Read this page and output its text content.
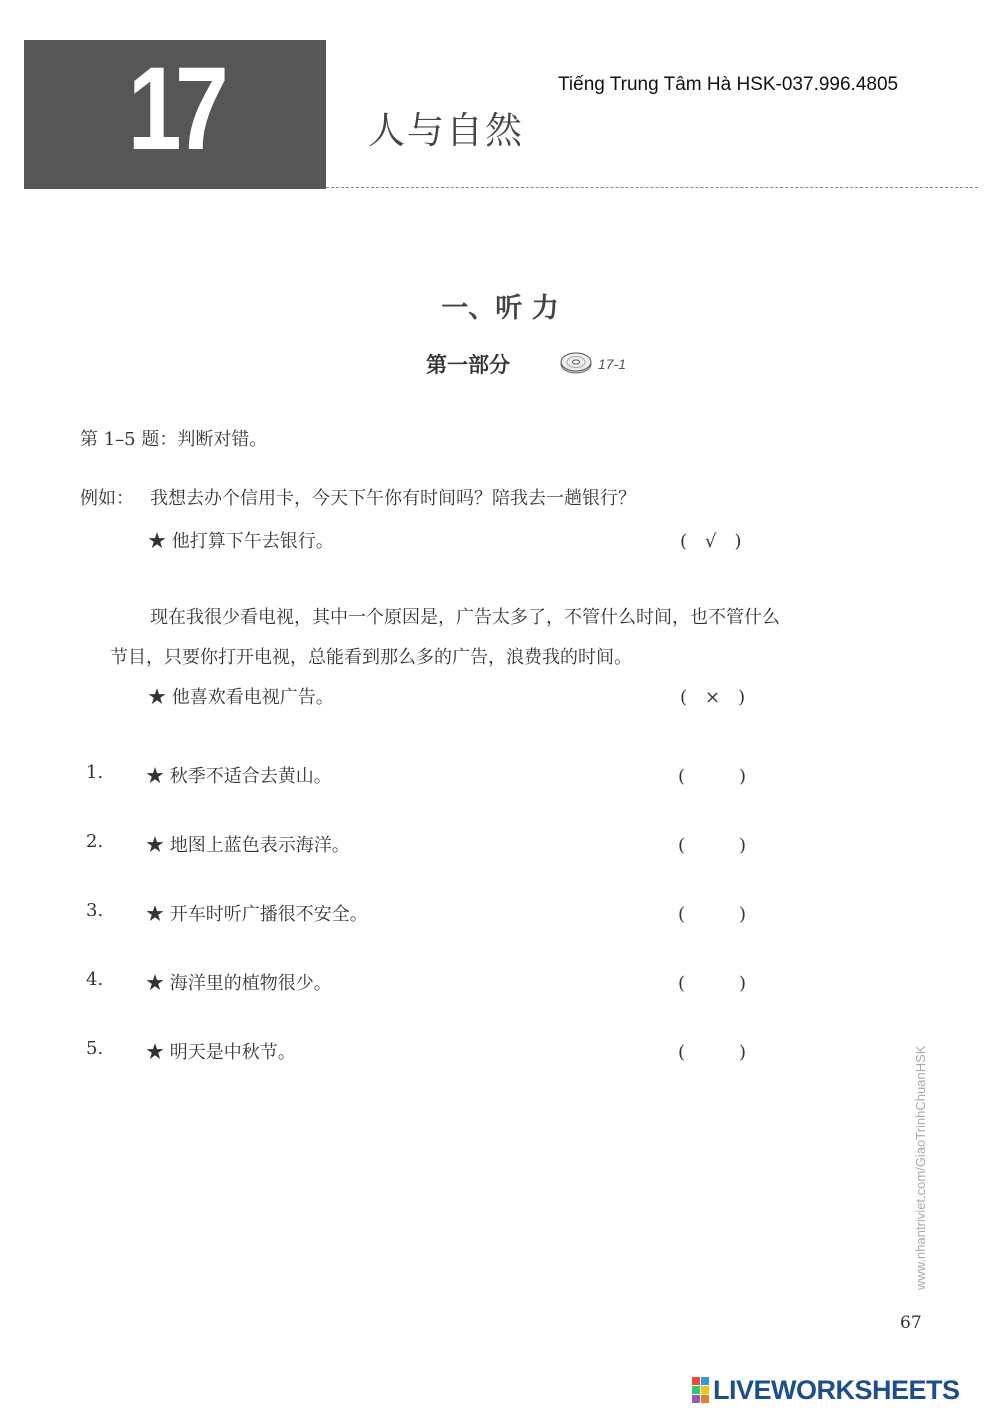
17	人与自然
Tiếng Trung Tâm Hà HSK-037.996.4805
一、听 力
第一部分	17-1
第 1–5 题：判断对错。
例如： 我想去办个信用卡，今天下午你有时间吗？陪我去一趟银行？
★ 他打算下午去银行。	(　√　)
现在我很少看电视，其中一个原因是，广告太多了，不管什么时间，也不管什么
节目，只要你打开电视，总能看到那么多的广告，浪费我的时间。
★ 他喜欢看电视广告。	(　×　)
1. ★ 秋季不适合去黄山。	(　　　)
2. ★ 地图上蓝色表示海洋。	(　　　)
3. ★ 开车时听广播很不安全。	(　　　)
4. ★ 海洋里的植物很少。	(　　　)
5. ★ 明天是中秋节。	(　　　)	www.nhantriviet.com/GiaoTrinhChuanHSK
67
LIVEWORKSHEETS
